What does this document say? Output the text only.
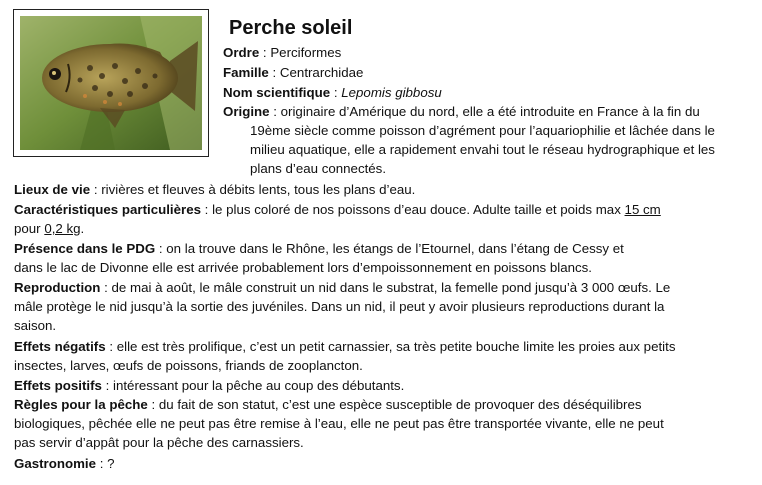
Perche soleil
Ordre : Perciformes
Famille : Centrarchidae
Nom scientifique : Lepomis gibbosu
Origine : originaire d’Amérique du nord, elle a été introduite en France à la fin du
19ème siècle comme poisson d’agrément pour l’aquariophilie et lâchée dans le
milieu aquatique, elle a rapidement envahi tout le réseau hydrographique et les
plans d’eau connectés.
Lieux de vie : rivières et fleuves à débits lents, tous les plans d’eau.
Caractéristiques particulières : le plus coloré de nos poissons d’eau douce. Adulte taille et poids max 15 cm
pour 0,2 kg.
Présence dans le PDG : on la trouve dans le Rhône, les étangs de l’Etournel, dans l’étang de Cessy et
dans le lac de Divonne elle est arrivée probablement lors d’empoissonnement en poissons blancs.
Reproduction : de mai à août, le mâle construit un nid dans le substrat, la femelle pond jusqu’à 3 000 œufs. Le
mâle protège le nid jusqu’à la sortie des juvéniles. Dans un nid, il peut y avoir plusieurs reproductions durant la
saison.
Effets négatifs : elle est très prolifique, c’est un petit carnassier, sa très petite bouche limite les proies aux petits
insectes, larves, œufs de poissons, friands de zooplancton.
Effets positifs : intéressant pour la pêche au coup des débutants.
Règles pour la pêche : du fait de son statut, c’est une espèce susceptible de provoquer des déséquilibres
biologiques, pêchée elle ne peut pas être remise à l’eau, elle ne peut pas être transportée vivante, elle ne peut
pas servir d’appât pour la pêche des carnassiers.
Gastronomie : ?
